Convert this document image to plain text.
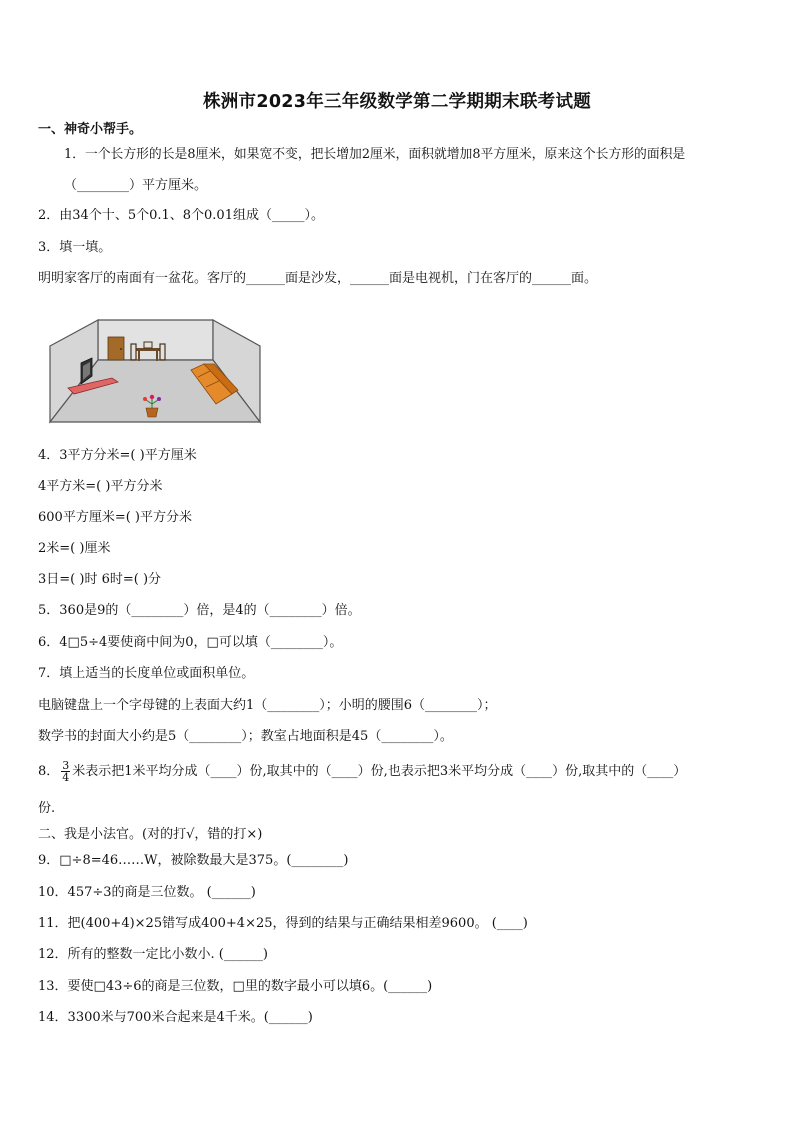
株洲市2023年三年级数学第二学期期末联考试题
一、神奇小帮手。
1．一个长方形的长是8厘米，如果宽不变，把长增加2厘米，面积就增加8平方厘米，原来这个长方形的面积是
（________）平方厘米。
2．由34个十、5个0.1、8个0.01组成（_____）。
3．填一填。
明明家客厅的南面有一盆花。客厅的______面是沙发，______面是电视机，门在客厅的______面。
4．3平方分米=( )平方厘米
4平方米=( )平方分米
600平方厘米=( )平方分米
2米=( )厘米
3日=( )时 6时=( )分
5．360是9的（________）倍，是4的（________）倍。
6．4□5÷4要使商中间为0，□可以填（________）。
7．填上适当的长度单位或面积单位。
电脑键盘上一个字母键的上表面大约1（________）；小明的腰围6（________）；
数学书的封面大小约是5（________）；教室占地面积是45（________）。
8． $\frac{3}{4}$ 米表示把1米平均分成（____）份,取其中的（____）份,也表示把3米平均分成（____）份,取其中的（____）
份.
二、我是小法官。(对的打√，错的打×)
9．□÷8=46……W，被除数最大是375。(________)
10．457÷3的商是三位数。 (______)
11．把(400+4)×25错写成400+4×25，得到的结果与正确结果相差9600。 (____)
12．所有的整数一定比小数小. (______)
13．要使□43÷6的商是三位数，□里的数字最小可以填6。(______)
14．3300米与700米合起来是4千米。(______)
